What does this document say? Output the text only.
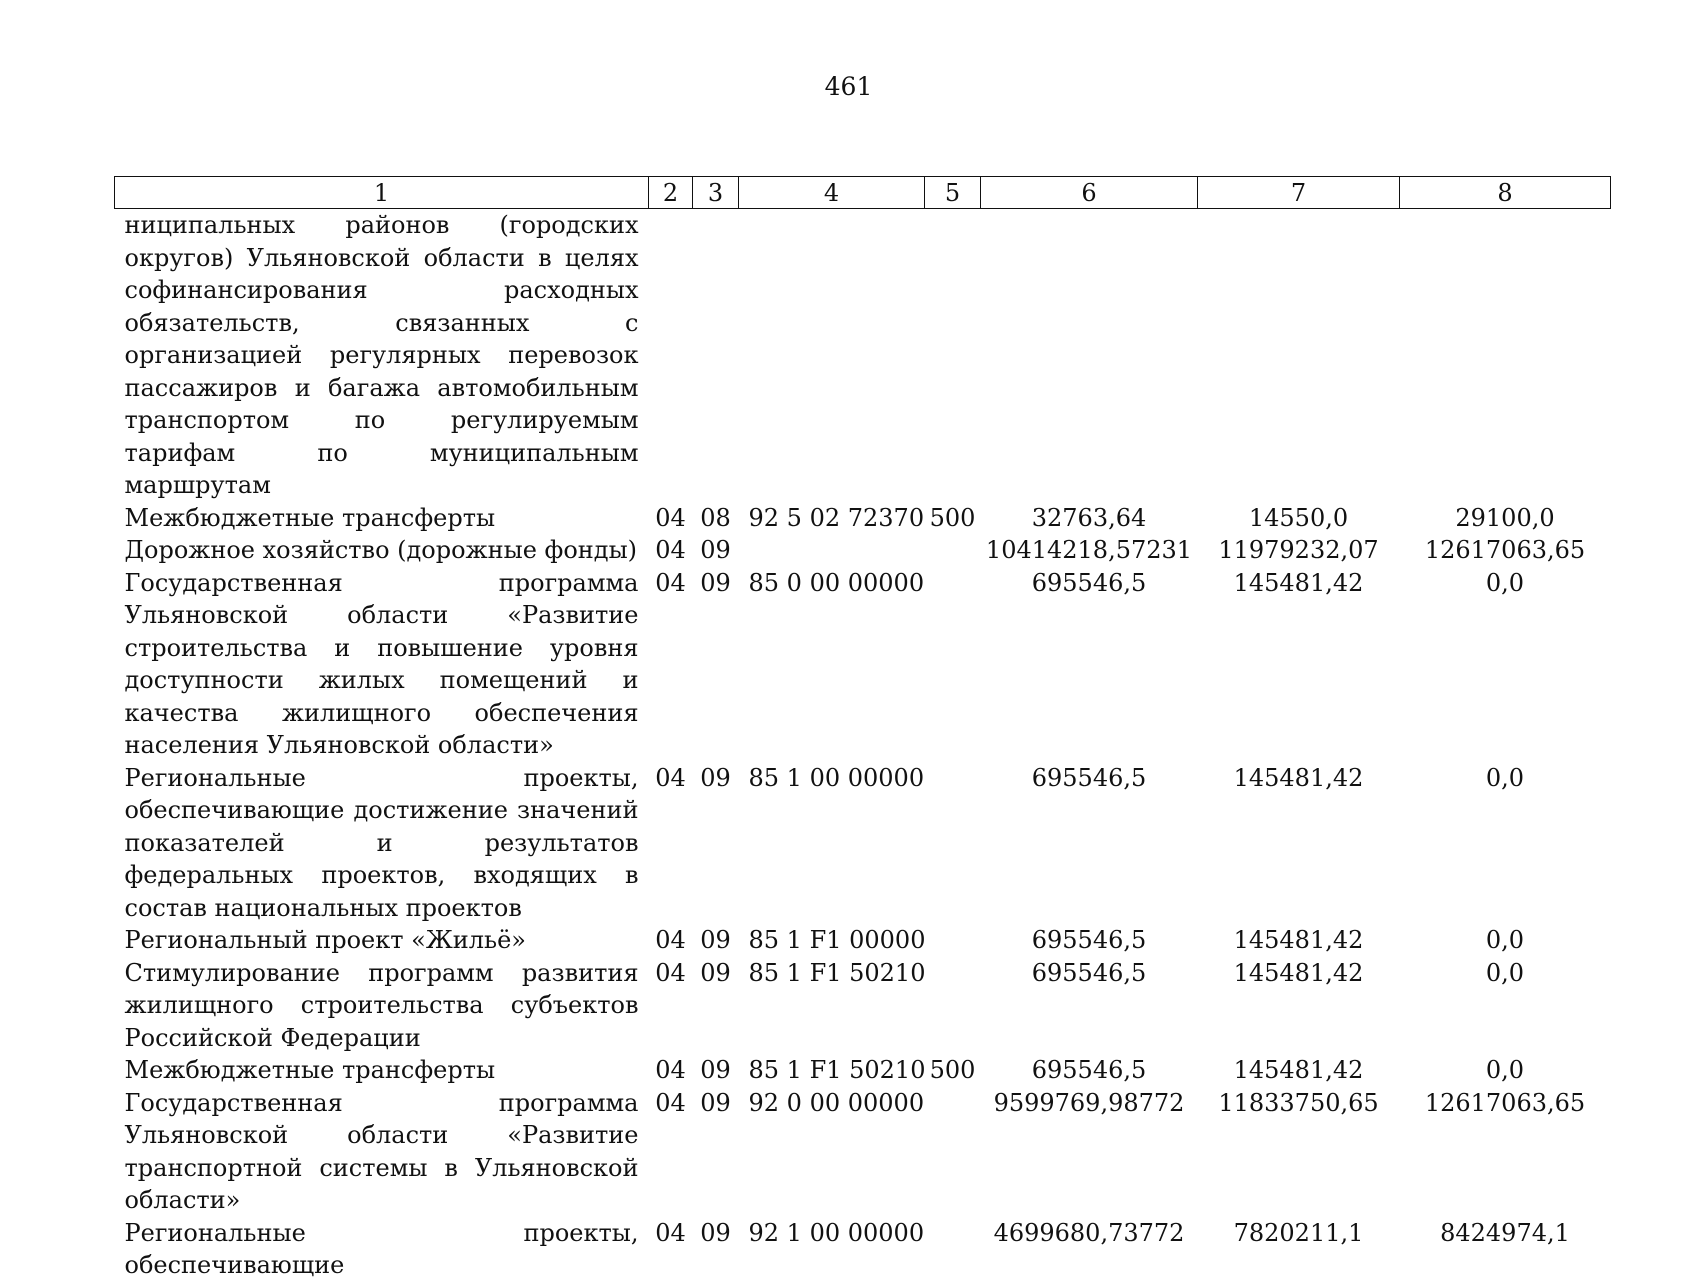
461
1	2	3	4	5	6	7	8
ниципальных районов (городских округов) Ульяновской области в целях софинансирования расходных обязательств, связанных с организацией регулярных перевозок пассажиров и багажа автомобильным транспортом по регулируемым тарифам по муниципальным маршрутам							
Межбюджетные трансферты	04	08	92 5 02 72370	500	32763,64	14550,0	29100,0
Дорожное хозяйство (дорожные фонды)	04	09			10414218,57231	11979232,07	12617063,65
Государственная программа Ульяновской области «Развитие строительства и повышение уровня доступности жилых помещений и качества жилищного обеспечения населения Ульяновской области»	04	09	85 0 00 00000		695546,5	145481,42	0,0
Региональные проекты, обеспечивающие достижение значений показателей и результатов федеральных проектов, входящих в состав национальных проектов	04	09	85 1 00 00000		695546,5	145481,42	0,0
Региональный проект «Жильё»	04	09	85 1 F1 00000		695546,5	145481,42	0,0
Стимулирование программ развития жилищного строительства субъектов Российской Федерации	04	09	85 1 F1 50210		695546,5	145481,42	0,0
Межбюджетные трансферты	04	09	85 1 F1 50210	500	695546,5	145481,42	0,0
Государственная программа Ульяновской области «Развитие транспортной системы в Ульяновской области»	04	09	92 0 00 00000		9599769,98772	11833750,65	12617063,65
Региональные проекты, обеспечивающие	04	09	92 1 00 00000		4699680,73772	7820211,1	8424974,1
